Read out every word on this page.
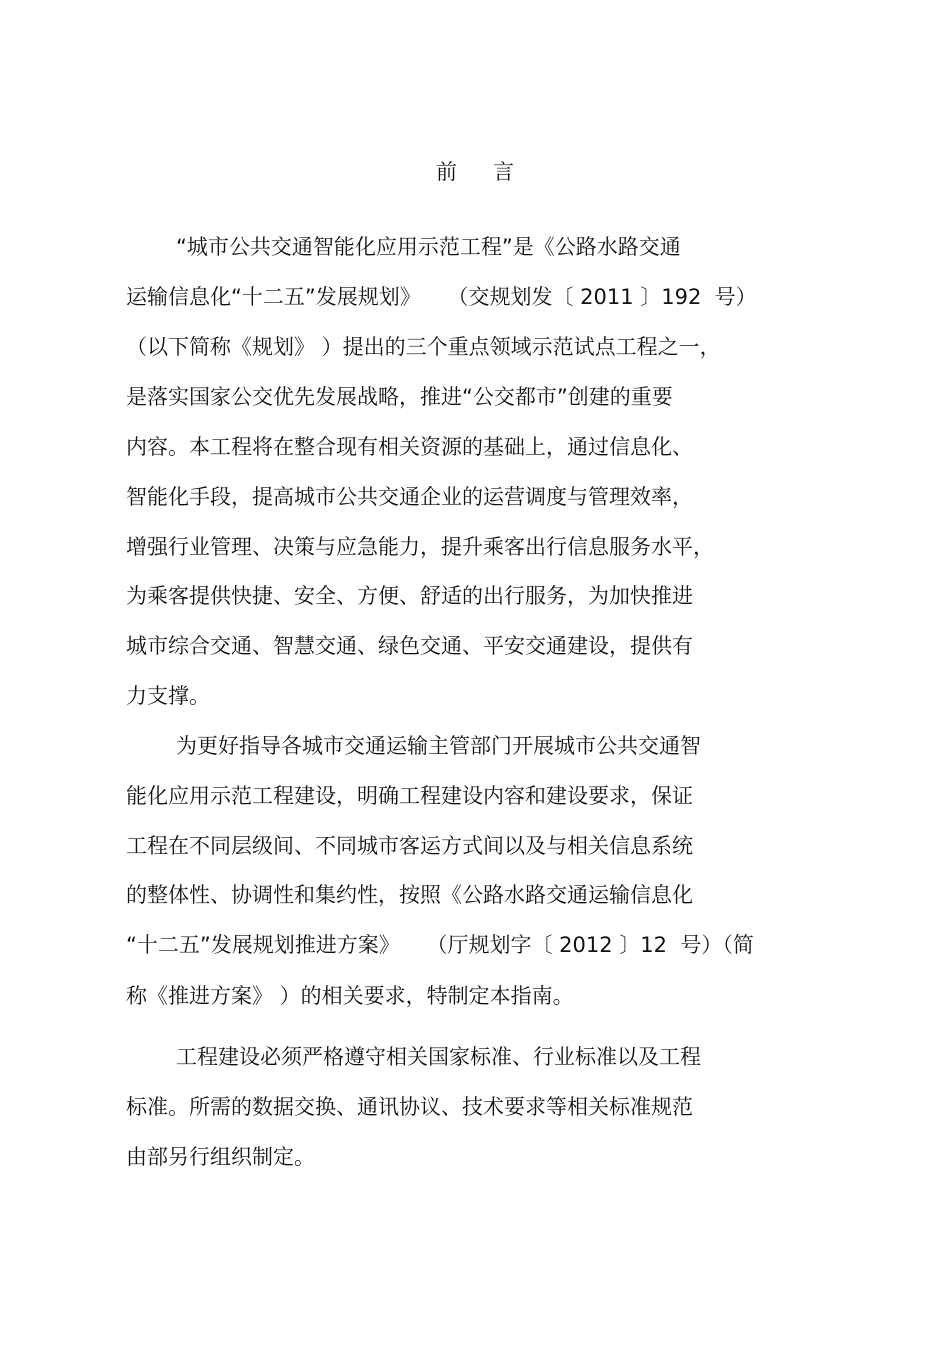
前 言
“城市公共交通智能化应用示范工程”是《公路水路交通
运输信息化“十二五”发展规划》    （交规划发〔 2011 〕192  号）
（以下简称《规划》 ）提出的三个重点领域示范试点工程之一，
是落实国家公交优先发展战略，推进“公交都市”创建的重要
内容。本工程将在整合现有相关资源的基础上，通过信息化、
智能化手段，提高城市公共交通企业的运营调度与管理效率，
增强行业管理、决策与应急能力，提升乘客出行信息服务水平，
为乘客提供快捷、安全、方便、舒适的出行服务，为加快推进
城市综合交通、智慧交通、绿色交通、平安交通建设，提供有
力支撑。
为更好指导各城市交通运输主管部门开展城市公共交通智
能化应用示范工程建设，明确工程建设内容和建设要求，保证
工程在不同层级间、不同城市客运方式间以及与相关信息系统
的整体性、协调性和集约性，按照《公路水路交通运输信息化
“十二五”发展规划推进方案》    （厅规划字〔 2012 〕12  号）（简
称《推进方案》 ）的相关要求，特制定本指南。
工程建设必须严格遵守相关国家标准、行业标准以及工程
标准。所需的数据交换、通讯协议、技术要求等相关标准规范
由部另行组织制定。
